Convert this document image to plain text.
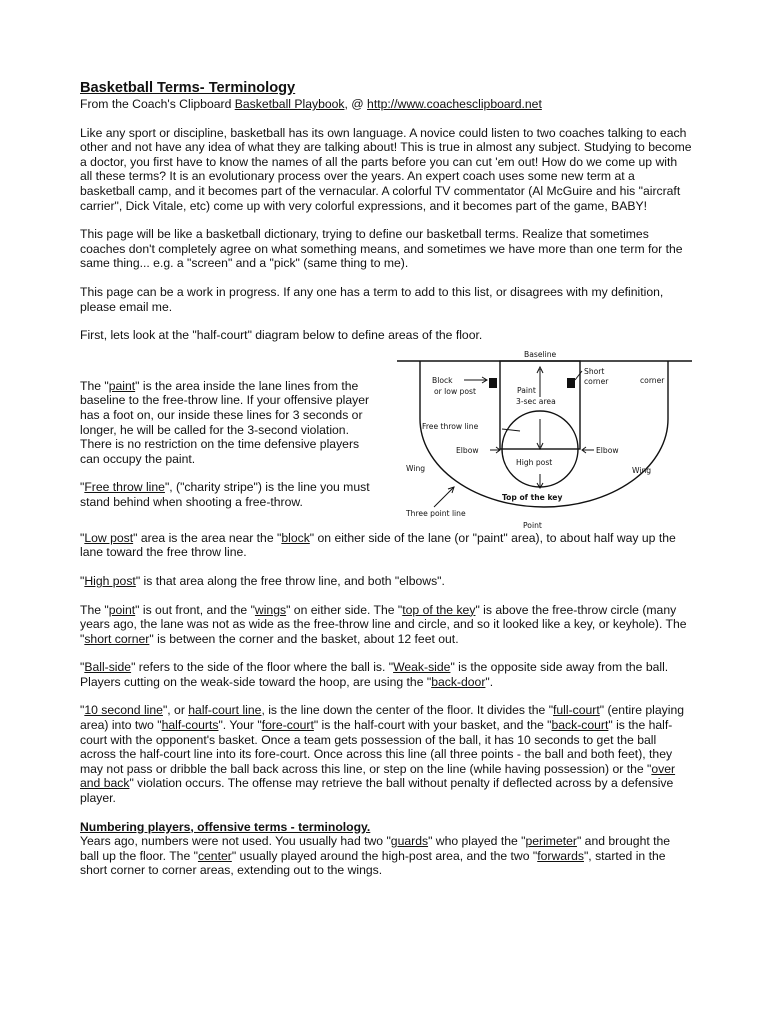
Basketball Terms- Terminology

From the Coach's Clipboard Basketball Playbook, @ http://www.coachesclipboard.net

Like any sport or discipline, basketball has its own language. A novice could listen to two coaches talking to each other and not have any idea of what they are talking about! This is true in almost any subject. Studying to become a doctor, you first have to know the names of all the parts before you can cut 'em out! How do we come up with all these terms? It is an evolutionary process over the years. An expert coach uses some new term at a basketball camp, and it becomes part of the vernacular. A colorful TV commentator (Al McGuire and his "aircraft carrier", Dick Vitale, etc) come up with very colorful expressions, and it becomes part of the game, BABY!

This page will be like a basketball dictionary, trying to define our basketball terms. Realize that sometimes coaches don't completely agree on what something means, and sometimes we have more than one term for the same thing... e.g. a "screen" and a "pick" (same thing to me).

This page can be a work in progress. If any one has a term to add to this list, or disagrees with my definition, please email me.

First, lets look at the "half-court" diagram below to define areas of the floor.

The "paint" is the area inside the lane lines from the baseline to the free-throw line. If your offensive player has a foot on, our inside these lines for 3 seconds or longer, he will be called for the 3-second violation. There is no restriction on the time defensive players can occupy the paint.

"Free throw line", ("charity stripe") is the line you must stand behind when shooting a free-throw.

Baseline
Short
corner	corner
Block
or low post	Paint
3-sec area
Free throw line
Elbow	Elbow
High post
Wing	Wing
Top of the key
Three point line
Point

"Low post" area is the area near the "block" on either side of the lane (or "paint" area), to about half way up the lane toward the free throw line.

"High post" is that area along the free throw line, and both "elbows".

The "point" is out front, and the "wings" on either side. The "top of the key" is above the free-throw circle (many years ago, the lane was not as wide as the free-throw line and circle, and so it looked like a key, or keyhole). The "short corner" is between the corner and the basket, about 12 feet out.

"Ball-side" refers to the side of the floor where the ball is. "Weak-side" is the opposite side away from the ball. Players cutting on the weak-side toward the hoop, are using the "back-door".

"10 second line", or half-court line, is the line down the center of the floor. It divides the "full-court" (entire playing area) into two "half-courts". Your "fore-court" is the half-court with your basket, and the "back-court" is the half-court with the opponent's basket. Once a team gets possession of the ball, it has 10 seconds to get the ball across the half-court line into its fore-court. Once across this line (all three points - the ball and both feet), they may not pass or dribble the ball back across this line, or step on the line (while having possession) or the "over and back" violation occurs. The offense may retrieve the ball without penalty if deflected across by a defensive player.

Numbering players, offensive terms - terminology.

Years ago, numbers were not used. You usually had two "guards" who played the "perimeter" and brought the ball up the floor. The "center" usually played around the high-post area, and the two "forwards", started in the short corner to corner areas, extending out to the wings.
